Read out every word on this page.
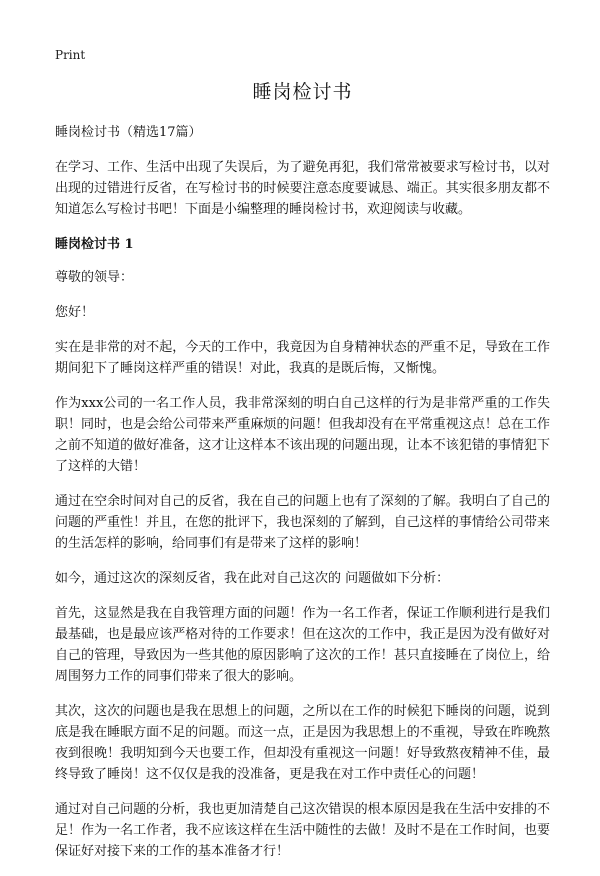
Print
睡岗检讨书

睡岗检讨书（精选17篇）

在学习、工作、生活中出现了失误后，为了避免再犯，我们常常被要求写检讨书，以对出现的过错进行反省，在写检讨书的时候要注意态度要诚恳、端正。其实很多朋友都不知道怎么写检讨书吧！下面是小编整理的睡岗检讨书，欢迎阅读与收藏。

睡岗检讨书 1

尊敬的领导：

您好！

实在是非常的对不起，今天的工作中，我竟因为自身精神状态的严重不足，导致在工作期间犯下了睡岗这样严重的错误！对此，我真的是既后悔，又惭愧。

作为xxx公司的一名工作人员，我非常深刻的明白自己这样的行为是非常严重的工作失职！同时，也是会给公司带来严重麻烦的问题！但我却没有在平常重视这点！总在工作之前不知道的做好准备，这才让这样本不该出现的问题出现，让本不该犯错的事情犯下了这样的大错！

通过在空余时间对自己的反省，我在自己的问题上也有了深刻的了解。我明白了自己的问题的严重性！并且，在您的批评下，我也深刻的了解到，自己这样的事情给公司带来的生活怎样的影响，给同事们有是带来了这样的影响！

如今，通过这次的深刻反省，我在此对自己这次的 问题做如下分析：

首先，这显然是我在自我管理方面的问题！作为一名工作者，保证工作顺利进行是我们最基础，也是最应该严格对待的工作要求！但在这次的工作中，我正是因为没有做好对自己的管理，导致因为一些其他的原因影响了这次的工作！甚只直接睡在了岗位上，给周围努力工作的同事们带来了很大的影响。

其次，这次的问题也是我在思想上的问题，之所以在工作的时候犯下睡岗的问题，说到底是我在睡眠方面不足的问题。而这一点，正是因为我思想上的不重视，导致在昨晚熬夜到很晚！我明知到今天也要工作，但却没有重视这一问题！好导致熬夜精神不佳，最终导致了睡岗！这不仅仅是我的没准备，更是我在对工作中责任心的问题！

通过对自己问题的分析，我也更加清楚自己这次错误的根本原因是我在生活中安排的不足！作为一名工作者，我不应该这样在生活中随性的去做！及时不是在工作时间，也要保证好对接下来的工作的基本准备才行！
